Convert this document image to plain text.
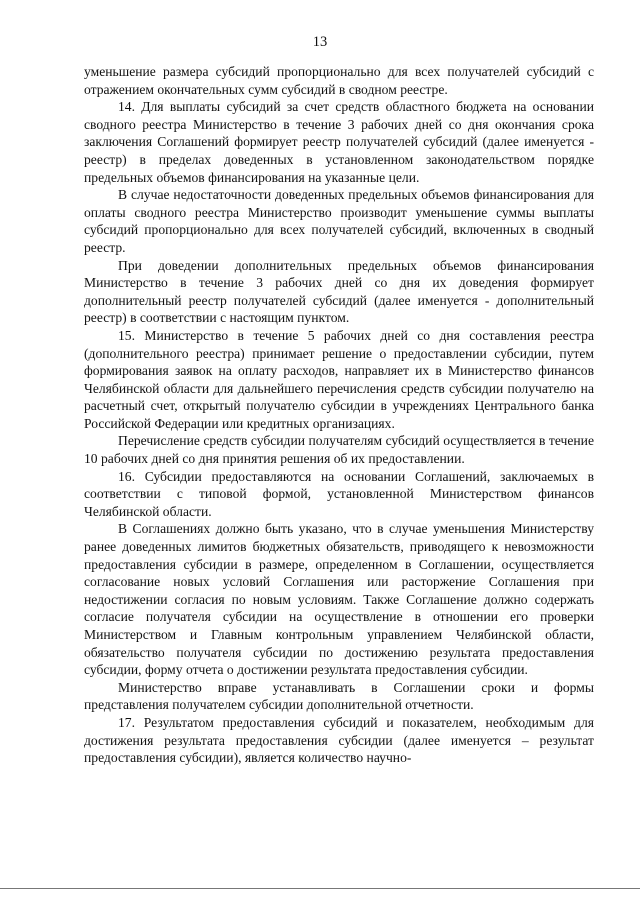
13

уменьшение размера субсидий пропорционально для всех получателей субсидий с отражением окончательных сумм субсидий в сводном реестре.

14. Для выплаты субсидий за счет средств областного бюджета на основании сводного реестра Министерство в течение 3 рабочих дней со дня окончания срока заключения Соглашений формирует реестр получателей субсидий (далее именуется - реестр) в пределах доведенных в установленном законодательством порядке предельных объемов финансирования на указанные цели.

В случае недостаточности доведенных предельных объемов финансирования для оплаты сводного реестра Министерство производит уменьшение суммы выплаты субсидий пропорционально для всех получателей субсидий, включенных в сводный реестр.

При доведении дополнительных предельных объемов финансирования Министерство в течение 3 рабочих дней со дня их доведения формирует дополнительный реестр получателей субсидий (далее именуется - дополнительный реестр) в соответствии с настоящим пунктом.

15. Министерство в течение 5 рабочих дней со дня составления реестра (дополнительного реестра) принимает решение о предоставлении субсидии, путем формирования заявок на оплату расходов, направляет их в Министерство финансов Челябинской области для дальнейшего перечисления средств субсидии получателю на расчетный счет, открытый получателю субсидии в учреждениях Центрального банка Российской Федерации или кредитных организациях.

Перечисление средств субсидии получателям субсидий осуществляется в течение 10 рабочих дней со дня принятия решения об их предоставлении.

16. Субсидии предоставляются на основании Соглашений, заключаемых в соответствии с типовой формой, установленной Министерством финансов Челябинской области.

В Соглашениях должно быть указано, что в случае уменьшения Министерству ранее доведенных лимитов бюджетных обязательств, приводящего к невозможности предоставления субсидии в размере, определенном в Соглашении, осуществляется согласование новых условий Соглашения или расторжение Соглашения при недостижении согласия по новым условиям. Также Соглашение должно содержать согласие получателя субсидии на осуществление в отношении его проверки Министерством и Главным контрольным управлением Челябинской области, обязательство получателя субсидии по достижению результата предоставления субсидии, форму отчета о достижении результата предоставления субсидии.

Министерство вправе устанавливать в Соглашении сроки и формы представления получателем субсидии дополнительной отчетности.

17. Результатом предоставления субсидий и показателем, необходимым для достижения результата предоставления субсидии (далее именуется – результат предоставления субсидии), является количество научно-
